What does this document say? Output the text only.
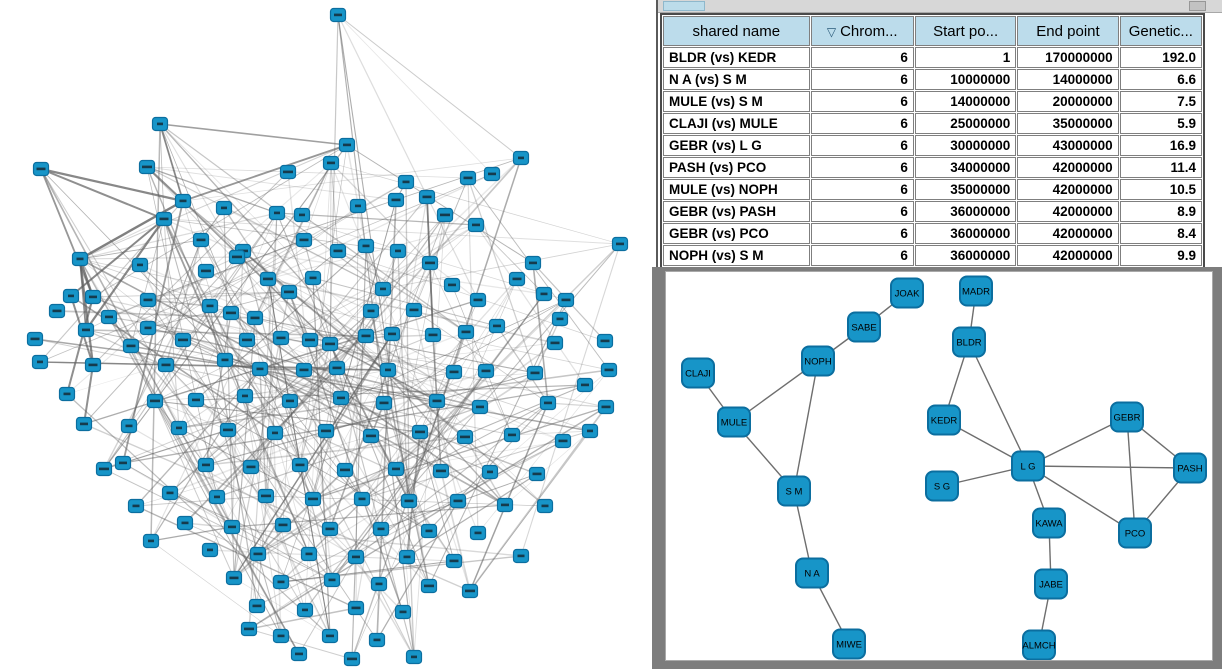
shared name	▽ Chrom...	Start po...	End point	Genetic...
BLDR (vs) KEDR	6	1	170000000	192.0
N A (vs) S M	6	10000000	14000000	6.6
MULE (vs) S M	6	14000000	20000000	7.5
CLAJI (vs) MULE	6	25000000	35000000	5.9
GEBR (vs) L G	6	30000000	43000000	16.9
PASH (vs) PCO	6	34000000	42000000	11.4
MULE (vs) NOPH	6	35000000	42000000	10.5
GEBR (vs) PASH	6	36000000	42000000	8.9
GEBR (vs) PCO	6	36000000	42000000	8.4
NOPH (vs) S M	6	36000000	42000000	9.9
JOAK	MADR
SABE
BLDR
NOPH
CLAJI
KEDR
MULE	GEBR
L G
S G
PASH
S M
KAWA
PCO
N A
JABE
MIWE	ALMCH
